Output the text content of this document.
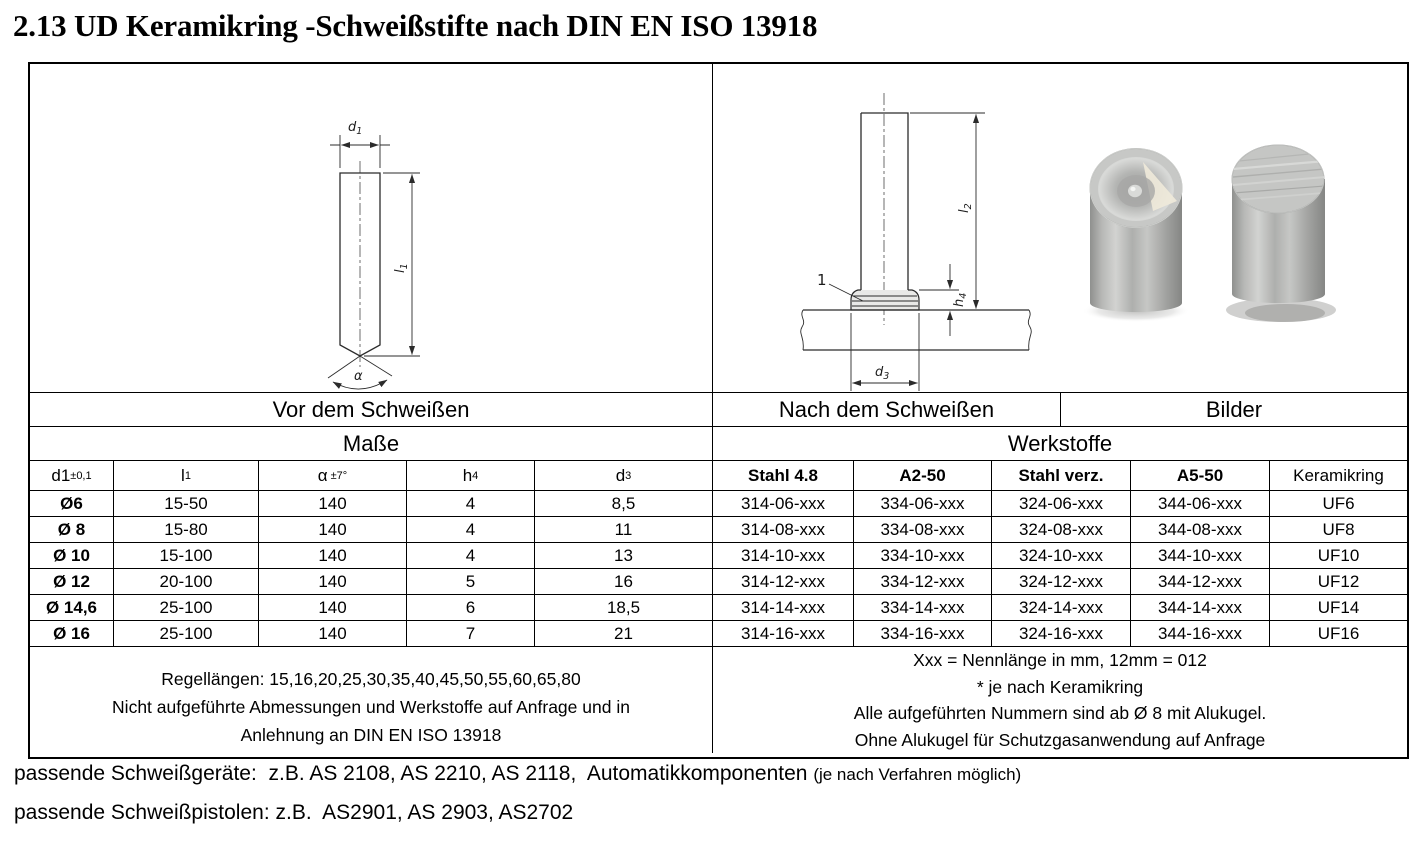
2.13 UD Keramikring -Schweißstifte nach DIN EN ISO 13918
$d_1$
$l_1$
α
1
$l_2$
$h_4$
$d_3$
Vor dem Schweißen	Nach dem Schweißen	Bilder
Maße	Werkstoffe
d1 ±0,1	l 1	α ±7°	h 4	d 3	Stahl 4.8	A2-50	Stahl verz.	A5-50	Keramikring
Ø6	15-50	140	4	8,5	314-06-xxx	334-06-xxx	324-06-xxx	344-06-xxx	UF6
Ø 8	15-80	140	4	11	314-08-xxx	334-08-xxx	324-08-xxx	344-08-xxx	UF8
Ø 10	15-100	140	4	13	314-10-xxx	334-10-xxx	324-10-xxx	344-10-xxx	UF10
Ø 12	20-100	140	5	16	314-12-xxx	334-12-xxx	324-12-xxx	344-12-xxx	UF12
Ø 14,6	25-100	140	6	18,5	314-14-xxx	334-14-xxx	324-14-xxx	344-14-xxx	UF14
Ø 16	25-100	140	7	21	314-16-xxx	334-16-xxx	324-16-xxx	344-16-xxx	UF16
Regellängen: 15,16,20,25,30,35,40,45,50,55,60,65,80
Nicht aufgeführte Abmessungen und Werkstoffe auf Anfrage und in
Anlehnung an DIN EN ISO 13918
Xxx = Nennlänge in mm, 12mm = 012
* je nach Keramikring
Alle aufgeführten Nummern sind ab Ø 8 mit Alukugel.
Ohne Alukugel für Schutzgasanwendung auf Anfrage

passende Schweißgeräte:  z.B. AS 2108, AS 2210, AS 2118,  Automatikkomponenten (je nach Verfahren möglich)

passende Schweißpistolen: z.B.  AS2901, AS 2903, AS2702
